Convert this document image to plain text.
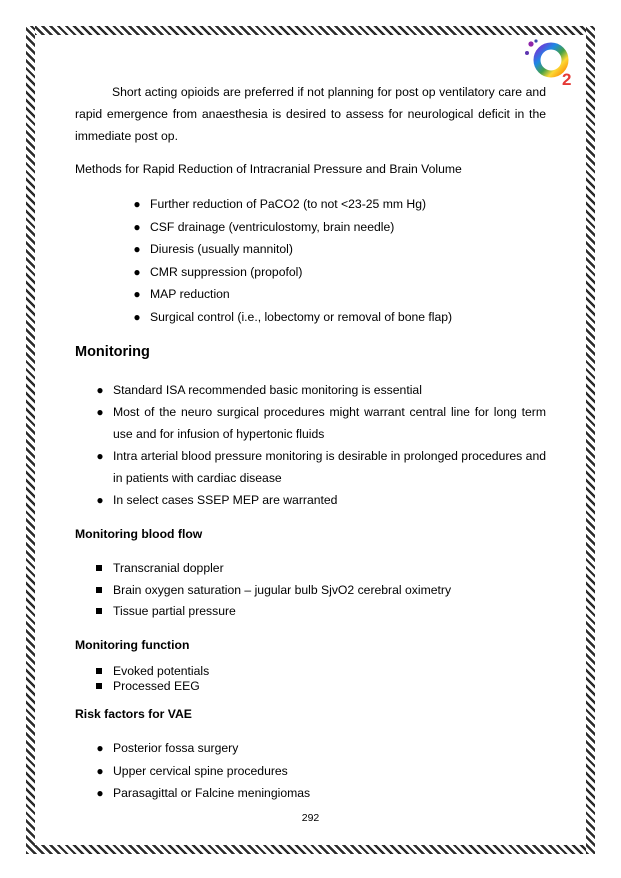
2
Short acting opioids are preferred if not planning for post op ventilatory care and rapid emergence from anaesthesia is desired to assess for neurological deficit in the immediate post op.
Methods for Rapid Reduction of Intracranial Pressure and Brain Volume
● Further reduction of PaCO2 (to not <23-25 mm Hg)
● CSF drainage (ventriculostomy, brain needle)
● Diuresis (usually mannitol)
● CMR suppression (propofol)
● MAP reduction
● Surgical control (i.e., lobectomy or removal of bone flap)
Monitoring
● Standard ISA recommended basic monitoring is essential
● Most of the neuro surgical procedures might warrant central line for long term use and for infusion of hypertonic fluids
● Intra arterial blood pressure monitoring is desirable in prolonged procedures and in patients with cardiac disease
● In select cases SSEP MEP are warranted
Monitoring blood flow
Transcranial doppler
Brain oxygen saturation – jugular bulb SjvO2 cerebral oximetry
Tissue partial pressure
Monitoring function
Evoked potentials
Processed EEG
Risk factors for VAE
● Posterior fossa surgery
● Upper cervical spine procedures
● Parasagittal or Falcine meningiomas
292
